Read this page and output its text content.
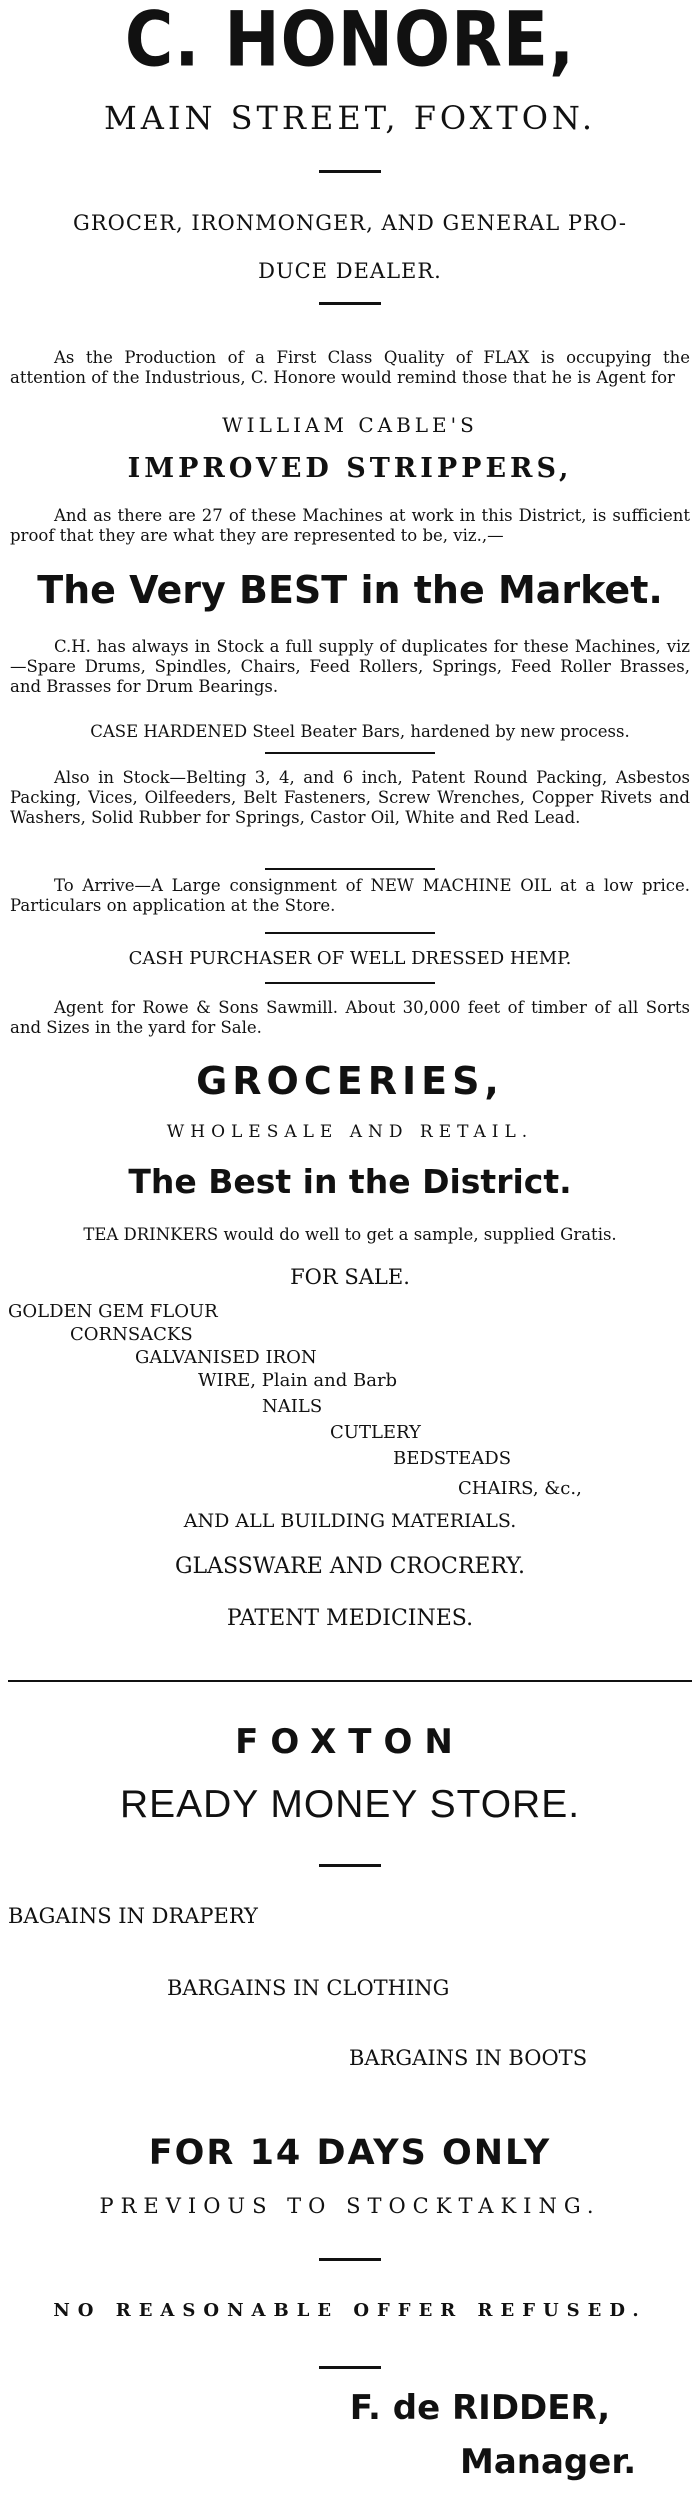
C. HONORE,
MAIN STREET, FOXTON.
GROCER, IRONMONGER, AND GENERAL PRO-
DUCE DEALER.
As the Production of a First Class Quality of FLAX is occupying the attention of the Industrious, C. Honore would remind those that he is Agent for
WILLIAM CABLE'S
IMPROVED STRIPPERS,
And as there are 27 of these Machines at work in this District, is sufficient proof that they are what they are represented to be, viz.,—
The Very BEST in the Market.
C.H. has always in Stock a full supply of duplicates for these Machines, viz—Spare Drums, Spindles, Chairs, Feed Rollers, Springs, Feed Roller Brasses, and Brasses for Drum Bearings.
CASE HARDENED Steel Beater Bars, hardened by new process.
Also in Stock—Belting 3, 4, and 6 inch, Patent Round Packing, Asbestos Packing, Vices, Oilfeeders, Belt Fasteners, Screw Wrenches, Copper Rivets and Washers, Solid Rubber for Springs, Castor Oil, White and Red Lead.
To Arrive—A Large consignment of NEW MACHINE OIL at a low price. Particulars on application at the Store.
CASH PURCHASER OF WELL DRESSED HEMP.
Agent for Rowe & Sons Sawmill. About 30,000 feet of timber of all Sorts and Sizes in the yard for Sale.
GROCERIES,
WHOLESALE AND RETAIL.
The Best in the District.
TEA DRINKERS would do well to get a sample, supplied Gratis.
FOR SALE.
GOLDEN GEM FLOUR
CORNSACKS
GALVANISED IRON
WIRE, Plain and Barb
NAILS
CUTLERY
BEDSTEADS
CHAIRS, &c.,
AND ALL BUILDING MATERIALS.
GLASSWARE AND CROCRERY.
PATENT MEDICINES.
FOXTON
READY MONEY STORE.
BAGAINS IN DRAPERY
BARGAINS IN CLOTHING
BARGAINS IN BOOTS
FOR 14 DAYS ONLY
PREVIOUS TO STOCKTAKING.
NO REASONABLE OFFER REFUSED.
F. de RIDDER,
Manager.
